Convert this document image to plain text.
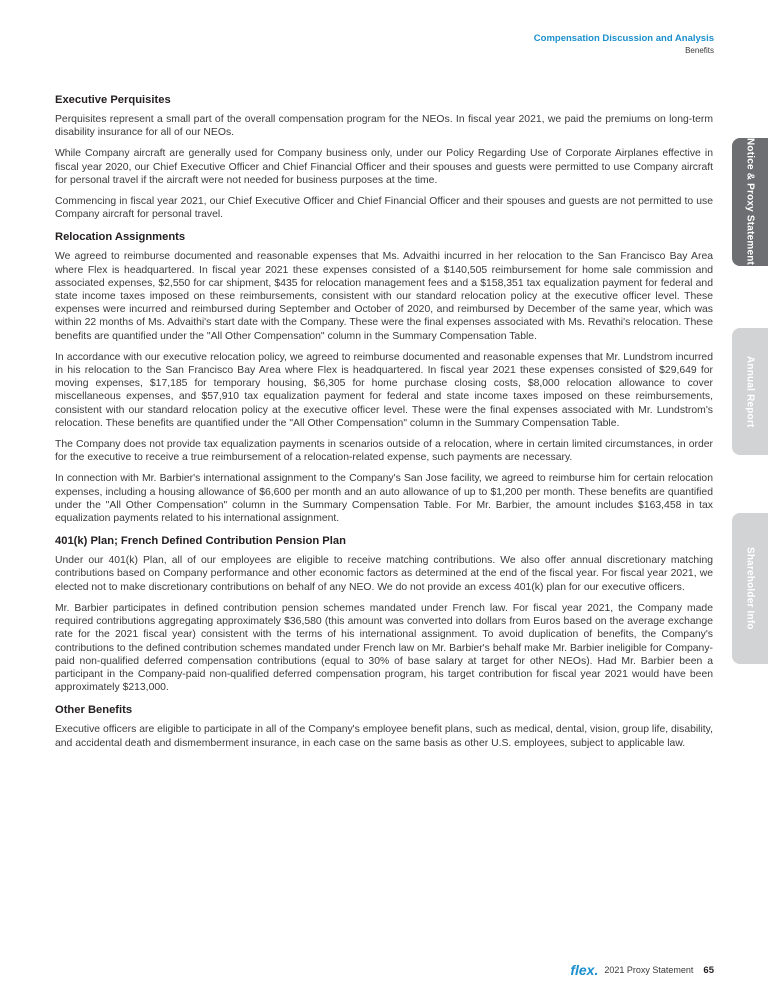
Compensation Discussion and Analysis
Benefits
Executive Perquisites

Perquisites represent a small part of the overall compensation program for the NEOs. In fiscal year 2021, we paid the premiums on long-term disability insurance for all of our NEOs.

While Company aircraft are generally used for Company business only, under our Policy Regarding Use of Corporate Airplanes effective in fiscal year 2020, our Chief Executive Officer and Chief Financial Officer and their spouses and guests were permitted to use Company aircraft for personal travel if the aircraft were not needed for business purposes at the time.

Commencing in fiscal year 2021, our Chief Executive Officer and Chief Financial Officer and their spouses and guests are not permitted to use Company aircraft for personal travel.

Relocation Assignments

We agreed to reimburse documented and reasonable expenses that Ms. Advaithi incurred in her relocation to the San Francisco Bay Area where Flex is headquartered. In fiscal year 2021 these expenses consisted of a $140,505 reimbursement for home sale commission and associated expenses, $2,550 for car shipment, $435 for relocation management fees and a $158,351 tax equalization payment for federal and state income taxes imposed on these reimbursements, consistent with our standard relocation policy at the executive officer level. These expenses were incurred and reimbursed during September and October of 2020, and reimbursed by December of the same year, which was within 22 months of Ms. Advaithi's start date with the Company. These were the final expenses associated with Ms. Revathi's relocation. These benefits are quantified under the "All Other Compensation" column in the Summary Compensation Table.

In accordance with our executive relocation policy, we agreed to reimburse documented and reasonable expenses that Mr. Lundstrom incurred in his relocation to the San Francisco Bay Area where Flex is headquartered. In fiscal year 2021 these expenses consisted of $29,649 for moving expenses, $17,185 for temporary housing, $6,305 for home purchase closing costs, $8,000 relocation allowance to cover miscellaneous expenses, and $57,910 tax equalization payment for federal and state income taxes imposed on these reimbursements, consistent with our standard relocation policy at the executive officer level. These were the final expenses associated with Mr. Lundstrom's relocation. These benefits are quantified under the "All Other Compensation" column in the Summary Compensation Table.

The Company does not provide tax equalization payments in scenarios outside of a relocation, where in certain limited circumstances, in order for the executive to receive a true reimbursement of a relocation-related expense, such payments are necessary.

In connection with Mr. Barbier's international assignment to the Company's San Jose facility, we agreed to reimburse him for certain relocation expenses, including a housing allowance of $6,600 per month and an auto allowance of up to $1,200 per month. These benefits are quantified under the "All Other Compensation" column in the Summary Compensation Table. For Mr. Barbier, the amount includes $163,458 in tax equalization payments related to his international assignment.

401(k) Plan; French Defined Contribution Pension Plan

Under our 401(k) Plan, all of our employees are eligible to receive matching contributions. We also offer annual discretionary matching contributions based on Company performance and other economic factors as determined at the end of the fiscal year. For fiscal year 2021, we elected not to make discretionary contributions on behalf of any NEO. We do not provide an excess 401(k) plan for our executive officers.

Mr. Barbier participates in defined contribution pension schemes mandated under French law. For fiscal year 2021, the Company made required contributions aggregating approximately $36,580 (this amount was converted into dollars from Euros based on the average exchange rate for the 2021 fiscal year) consistent with the terms of his international assignment. To avoid duplication of benefits, the Company's contributions to the defined contribution schemes mandated under French law on Mr. Barbier's behalf make Mr. Barbier ineligible for Company-paid non-qualified deferred compensation contributions (equal to 30% of base salary at target for other NEOs). Had Mr. Barbier been a participant in the Company-paid non-qualified deferred compensation program, his target contribution for fiscal year 2021 would have been approximately $213,000.

Other Benefits

Executive officers are eligible to participate in all of the Company's employee benefit plans, such as medical, dental, vision, group life, disability, and accidental death and dismemberment insurance, in each case on the same basis as other U.S. employees, subject to applicable law.

Notice & Proxy Statement
Annual Report
Shareholder Info
flex. 2021 Proxy Statement 65
